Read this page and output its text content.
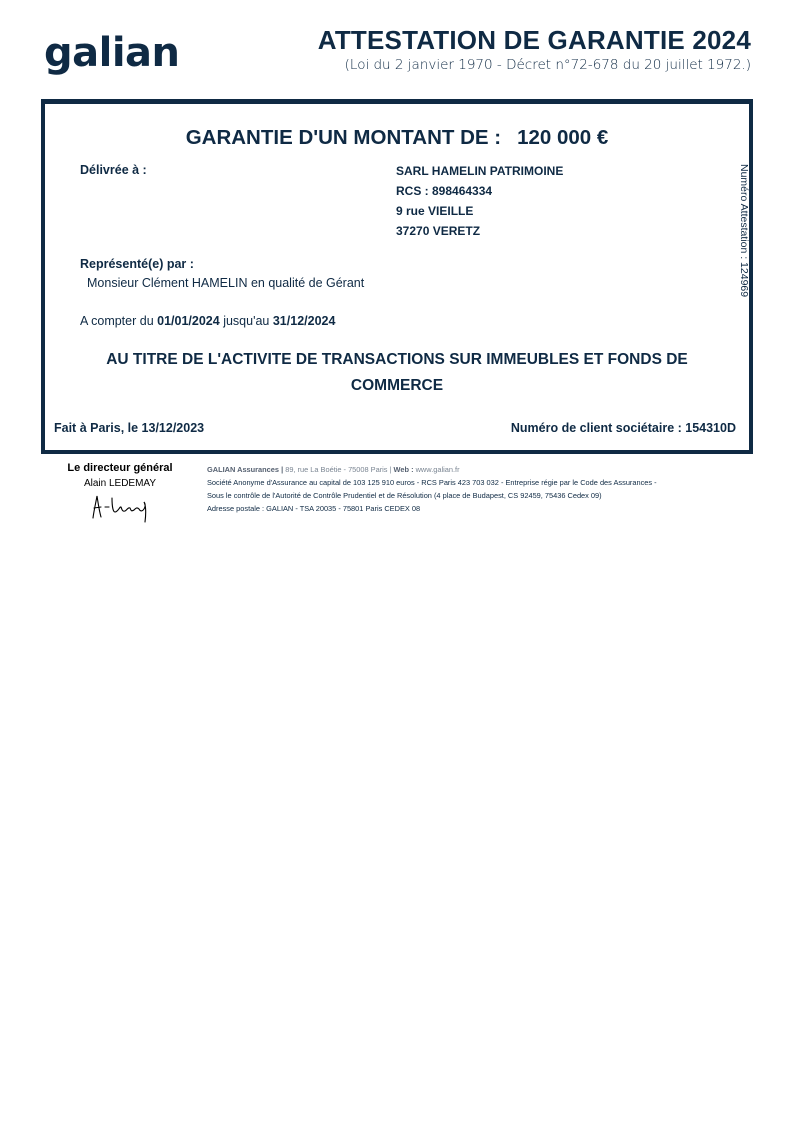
galian	ATTESTATION DE GARANTIE 2024
(Loi du 2 janvier 1970 - Décret n°72-678 du 20 juillet 1972.)
GARANTIE D'UN MONTANT DE : 120 000 €
Délivrée à :	SARL HAMELIN PATRIMOINE
RCS : 898464334
9 rue VIEILLE
37270 VERETZ
Représenté(e) par :
Monsieur Clément HAMELIN en qualité de Gérant
A compter du 01/01/2024 jusqu'au 31/12/2024
AU TITRE DE L'ACTIVITE DE TRANSACTIONS SUR IMMEUBLES ET FONDS DE COMMERCE
Fait à Paris, le 13/12/2023	Numéro de client sociétaire : 154310D
Numéro Attestation : 124969
Le directeur général
Alain LEDEMAY
GALIAN Assurances | 89, rue La Boétie - 75008 Paris | Web : www.galian.fr
Société Anonyme d'Assurance au capital de 103 125 910 euros - RCS Paris 423 703 032 - Entreprise régie par le Code des Assurances -
Sous le contrôle de l'Autorité de Contrôle Prudentiel et de Résolution (4 place de Budapest, CS 92459, 75436 Cedex 09)
Adresse postale : GALIAN - TSA 20035 - 75801 Paris CEDEX 08
